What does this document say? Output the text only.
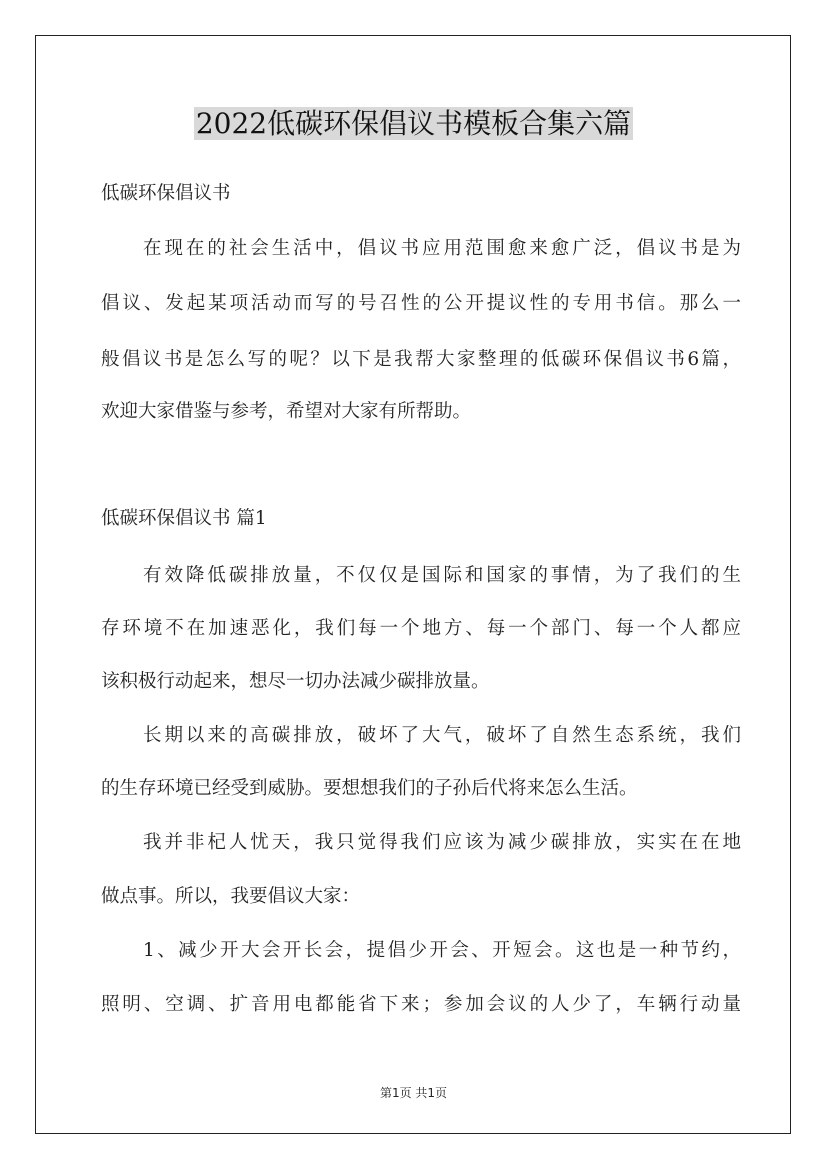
2022低碳环保倡议书模板合集六篇
低碳环保倡议书
在现在的社会生活中，倡议书应用范围愈来愈广泛，倡议书是为
倡议、发起某项活动而写的号召性的公开提议性的专用书信。那么一
般倡议书是怎么写的呢？以下是我帮大家整理的低碳环保倡议书6篇，
欢迎大家借鉴与参考，希望对大家有所帮助。
低碳环保倡议书 篇1
有效降低碳排放量，不仅仅是国际和国家的事情，为了我们的生
存环境不在加速恶化，我们每一个地方、每一个部门、每一个人都应
该积极行动起来，想尽一切办法减少碳排放量。
长期以来的高碳排放，破坏了大气，破坏了自然生态系统，我们
的生存环境已经受到威胁。要想想我们的子孙后代将来怎么生活。
我并非杞人忧天，我只觉得我们应该为减少碳排放，实实在在地
做点事。所以，我要倡议大家：
1、减少开大会开长会，提倡少开会、开短会。这也是一种节约，
照明、空调、扩音用电都能省下来；参加会议的人少了，车辆行动量
第1页 共1页
